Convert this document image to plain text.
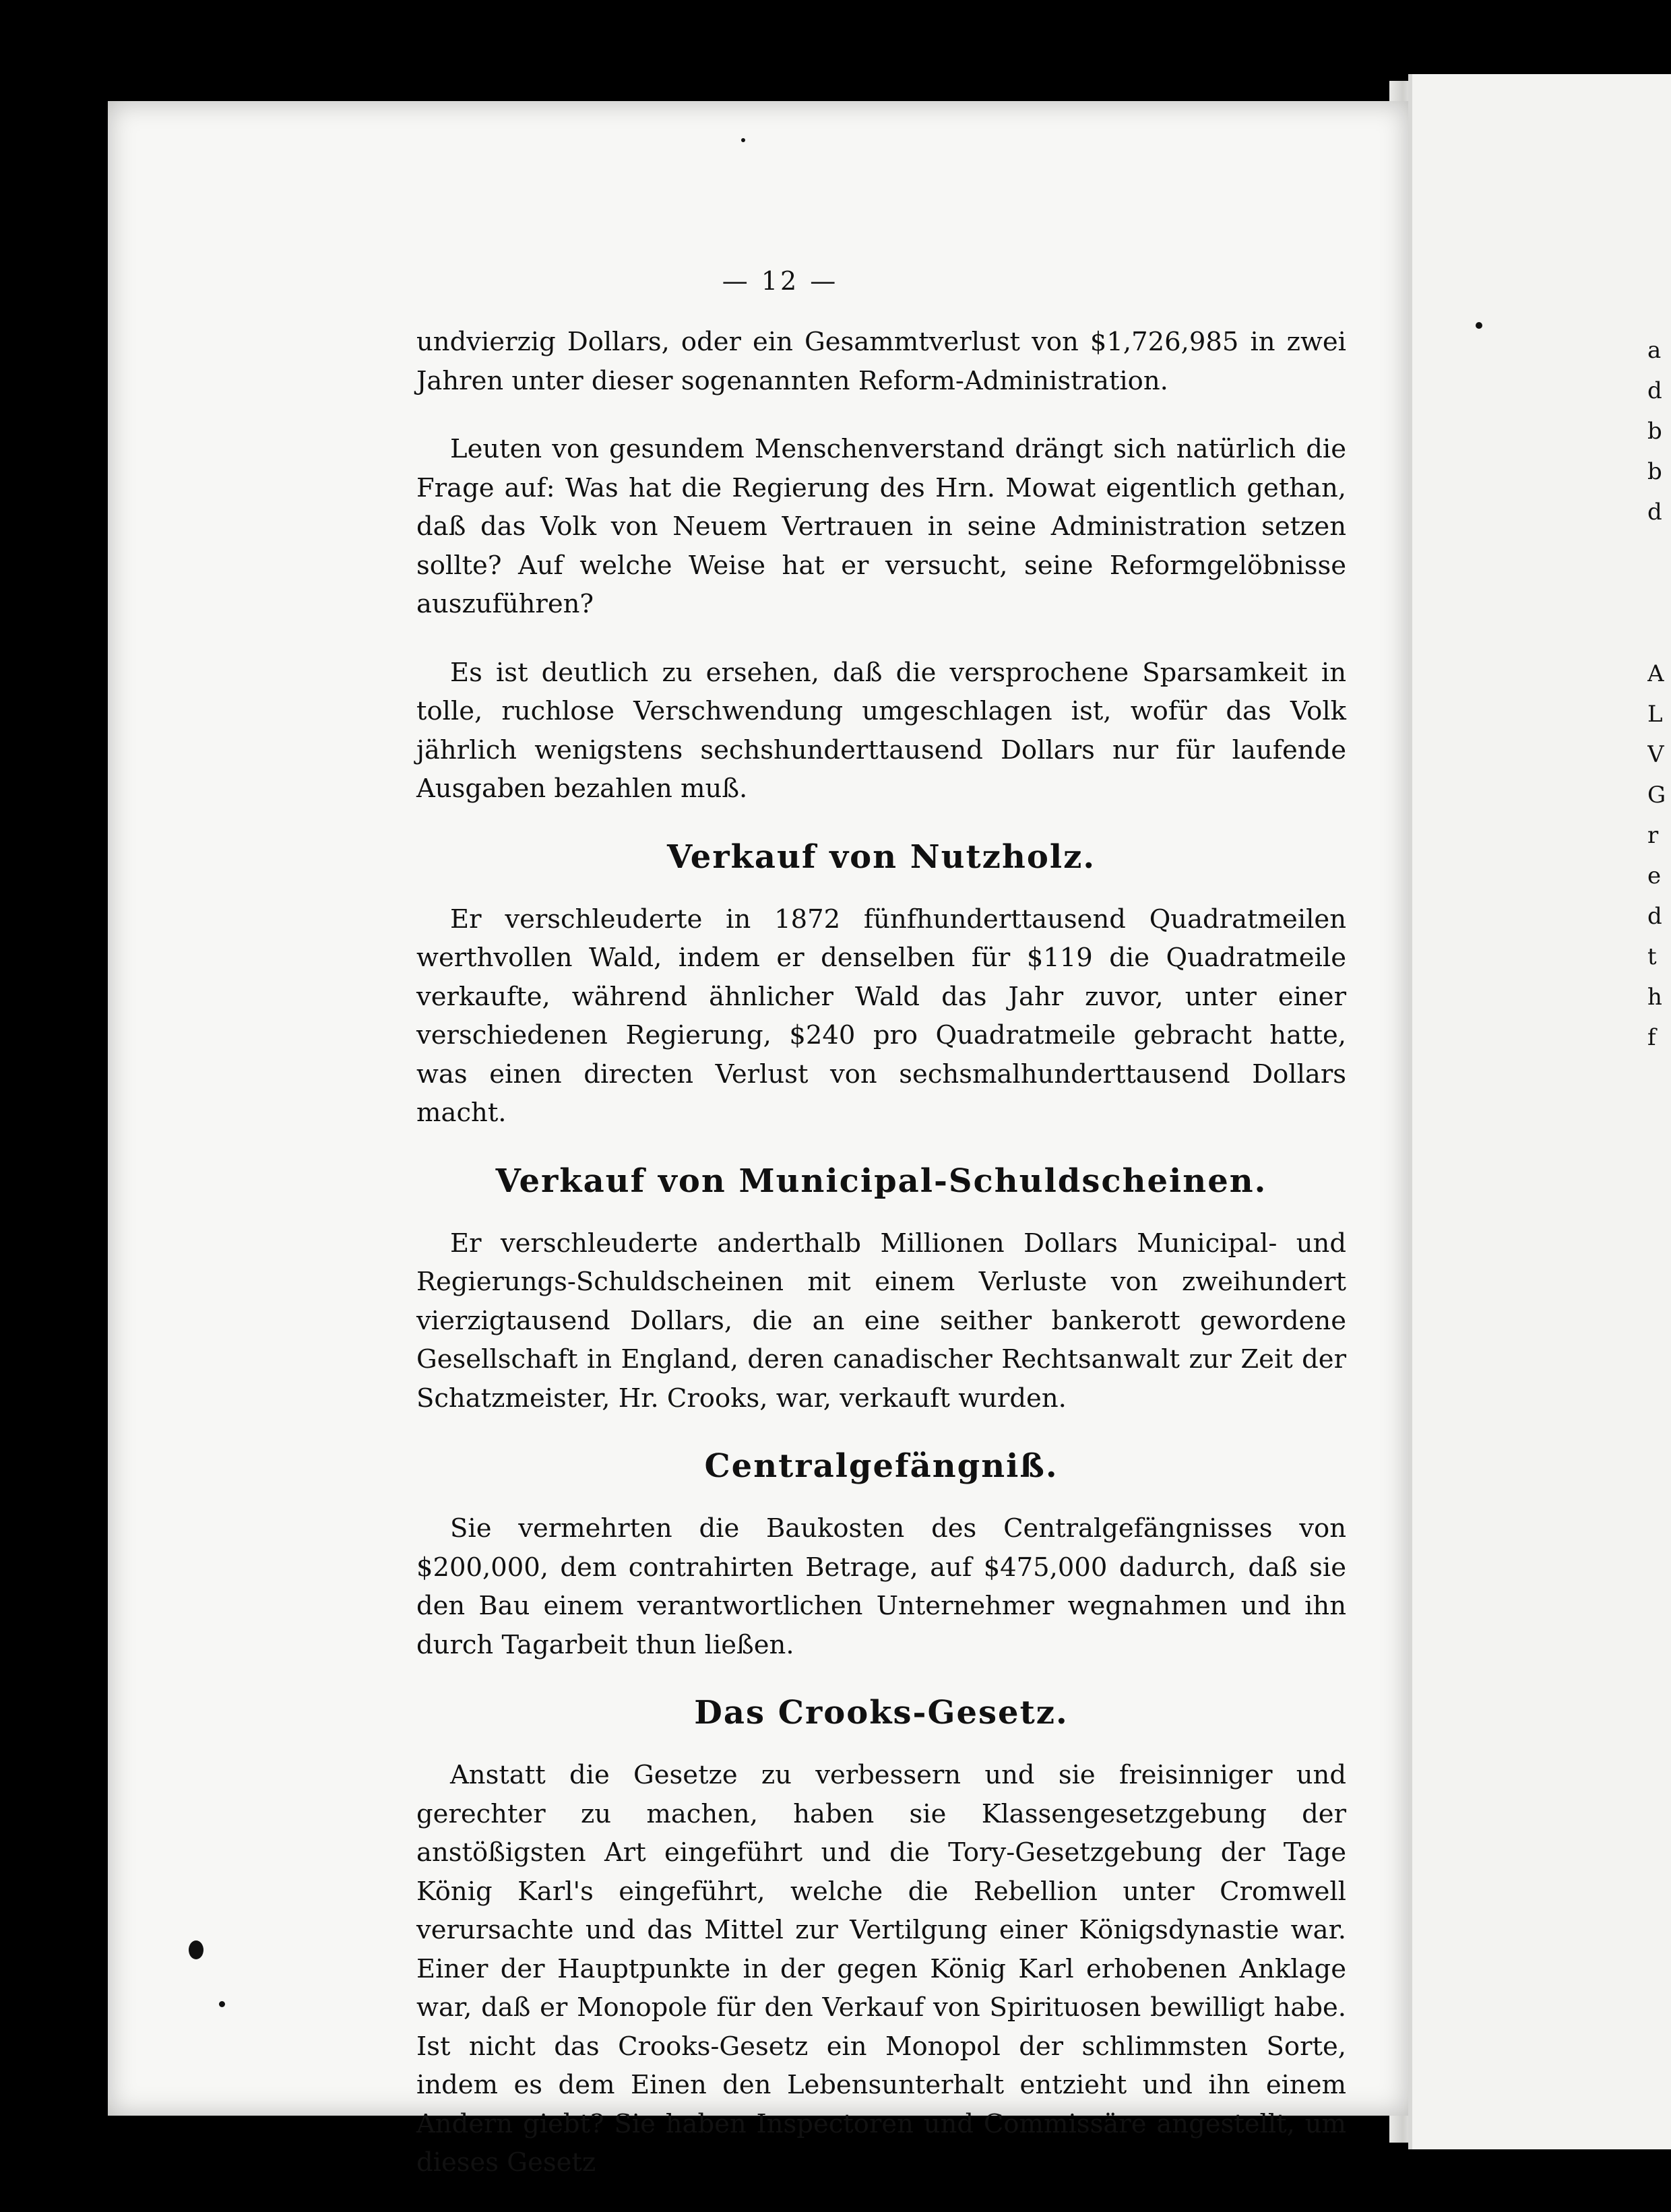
a
d
b
b
d

A
L
V
G
r
e
d
t
h
f
— 12 —

undvierzig Dollars, oder ein Gesammtverlust von $1,726,985 in zwei Jahren unter dieser sogenannten Reform-Administration.

Leuten von gesundem Menschenverstand drängt sich natürlich die Frage auf: Was hat die Regierung des Hrn. Mowat eigentlich gethan, daß das Volk von Neuem Vertrauen in seine Administration setzen sollte? Auf welche Weise hat er versucht, seine Reformgelöbnisse auszuführen?

Es ist deutlich zu ersehen, daß die versprochene Sparsamkeit in tolle, ruchlose Verschwendung umgeschlagen ist, wofür das Volk jährlich wenigstens sechshunderttausend Dollars nur für laufende Ausgaben bezahlen muß.

Verkauf von Nutzholz.

Er verschleuderte in 1872 fünfhunderttausend Quadratmeilen werthvollen Wald, indem er denselben für $119 die Quadratmeile verkaufte, während ähnlicher Wald das Jahr zuvor, unter einer verschiedenen Regierung, $240 pro Quadratmeile gebracht hatte, was einen directen Verlust von sechsmalhunderttausend Dollars macht.

Verkauf von Municipal-Schuldscheinen.

Er verschleuderte anderthalb Millionen Dollars Municipal- und Regierungs-Schuldscheinen mit einem Verluste von zweihundert vierzigtausend Dollars, die an eine seither bankerott gewordene Gesellschaft in England, deren canadischer Rechtsanwalt zur Zeit der Schatzmeister, Hr. Crooks, war, verkauft wurden.

Centralgefängniß.

Sie vermehrten die Baukosten des Centralgefängnisses von $200,000, dem contrahirten Betrage, auf $475,000 dadurch, daß sie den Bau einem verantwortlichen Unternehmer wegnahmen und ihn durch Tagarbeit thun ließen.

Das Crooks-Gesetz.

Anstatt die Gesetze zu verbessern und sie freisinniger und gerechter zu machen, haben sie Klassengesetzgebung der anstößigsten Art eingeführt und die Tory-Gesetzgebung der Tage König Karl's eingeführt, welche die Rebellion unter Cromwell verursachte und das Mittel zur Vertilgung einer Königsdynastie war. Einer der Hauptpunkte in der gegen König Karl erhobenen Anklage war, daß er Monopole für den Verkauf von Spirituosen bewilligt habe. Ist nicht das Crooks-Gesetz ein Monopol der schlimmsten Sorte, indem es dem Einen den Lebensunterhalt entzieht und ihn einem Andern giebt? Sie haben Inspectoren und Commissäre angestellt, um dieses Gesetz
